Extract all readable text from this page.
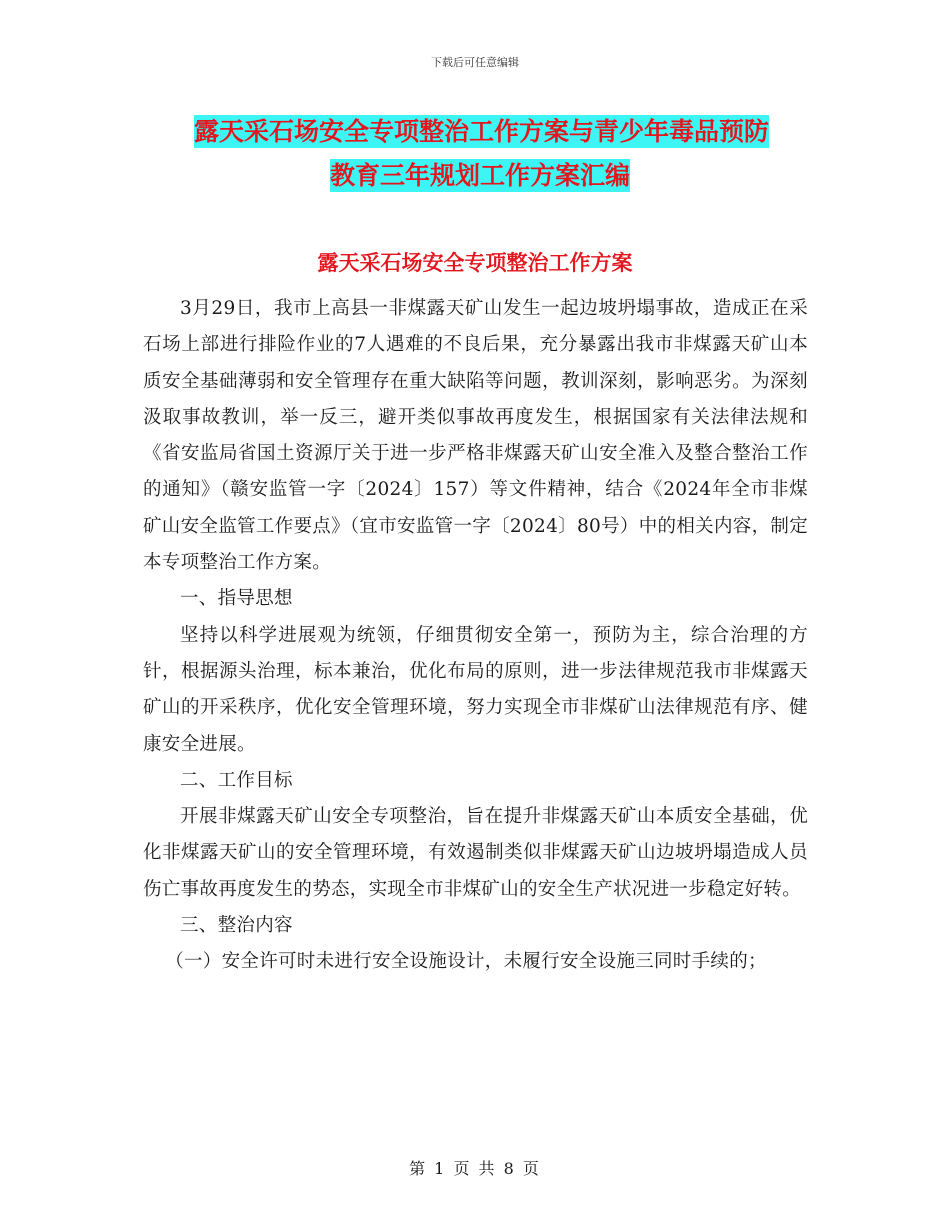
下载后可任意编辑
露天采石场安全专项整治工作方案与青少年毒品预防
教育三年规划工作方案汇编
露天采石场安全专项整治工作方案

3月29日，我市上高县一非煤露天矿山发生一起边坡坍塌事故，造成正在采石场上部进行排险作业的7人遇难的不良后果，充分暴露出我市非煤露天矿山本质安全基础薄弱和安全管理存在重大缺陷等问题，教训深刻，影响恶劣。为深刻汲取事故教训，举一反三，避开类似事故再度发生，根据国家有关法律法规和《省安监局省国土资源厅关于进一步严格非煤露天矿山安全准入及整合整治工作的通知》（赣安监管一字〔2024〕157）等文件精神，结合《2024年全市非煤矿山安全监管工作要点》（宜市安监管一字〔2024〕80号）中的相关内容，制定本专项整治工作方案。

一、指导思想

坚持以科学进展观为统领，仔细贯彻安全第一，预防为主，综合治理的方针，根据源头治理，标本兼治，优化布局的原则，进一步法律规范我市非煤露天矿山的开采秩序，优化安全管理环境，努力实现全市非煤矿山法律规范有序、健康安全进展。

二、工作目标

开展非煤露天矿山安全专项整治，旨在提升非煤露天矿山本质安全基础，优化非煤露天矿山的安全管理环境，有效遏制类似非煤露天矿山边坡坍塌造成人员伤亡事故再度发生的势态，实现全市非煤矿山的安全生产状况进一步稳定好转。

三、整治内容

（一）安全许可时未进行安全设施设计，未履行安全设施三同时手续的；

第 1 页 共 8 页
